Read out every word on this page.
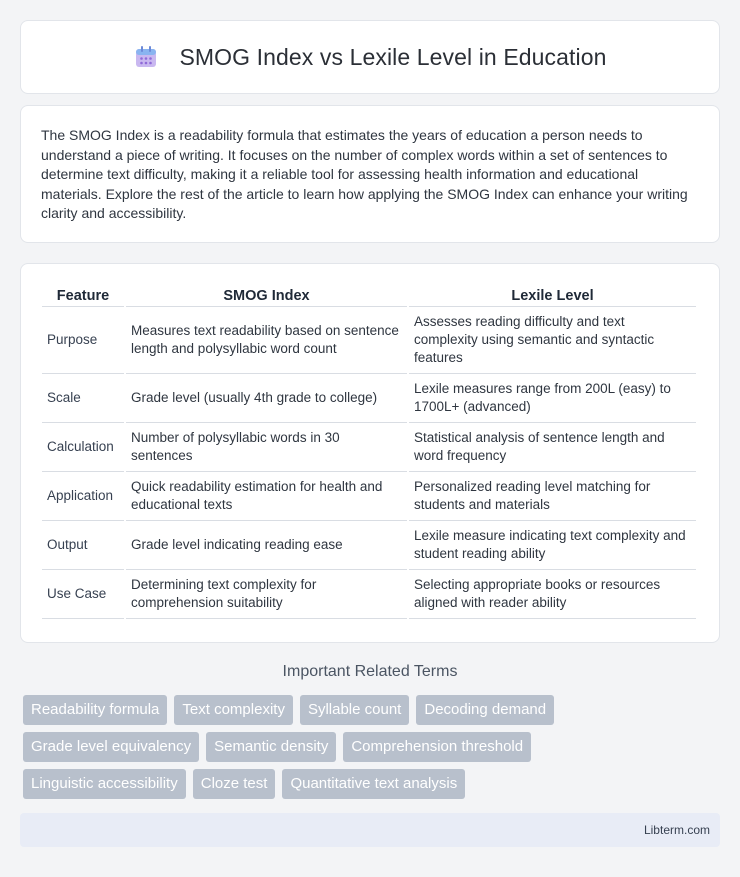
SMOG Index vs Lexile Level in Education

The SMOG Index is a readability formula that estimates the years of education a person needs to understand a piece of writing. It focuses on the number of complex words within a set of sentences to determine text difficulty, making it a reliable tool for assessing health information and educational materials. Explore the rest of the article to learn how applying the SMOG Index can enhance your writing clarity and accessibility.

Feature	SMOG Index	Lexile Level
Purpose	Measures text readability based on sentence length and polysyllabic word count	Assesses reading difficulty and text complexity using semantic and syntactic features
Scale	Grade level (usually 4th grade to college)	Lexile measures range from 200L (easy) to 1700L+ (advanced)
Calculation	Number of polysyllabic words in 30 sentences	Statistical analysis of sentence length and word frequency
Application	Quick readability estimation for health and educational texts	Personalized reading level matching for students and materials
Output	Grade level indicating reading ease	Lexile measure indicating text complexity and student reading ability
Use Case	Determining text complexity for comprehension suitability	Selecting appropriate books or resources aligned with reader ability
Important Related Terms
Readability formula	Text complexity	Syllable count	Decoding demand
Grade level equivalency	Semantic density	Comprehension threshold
Linguistic accessibility	Cloze test	Quantitative text analysis
Libterm.com
